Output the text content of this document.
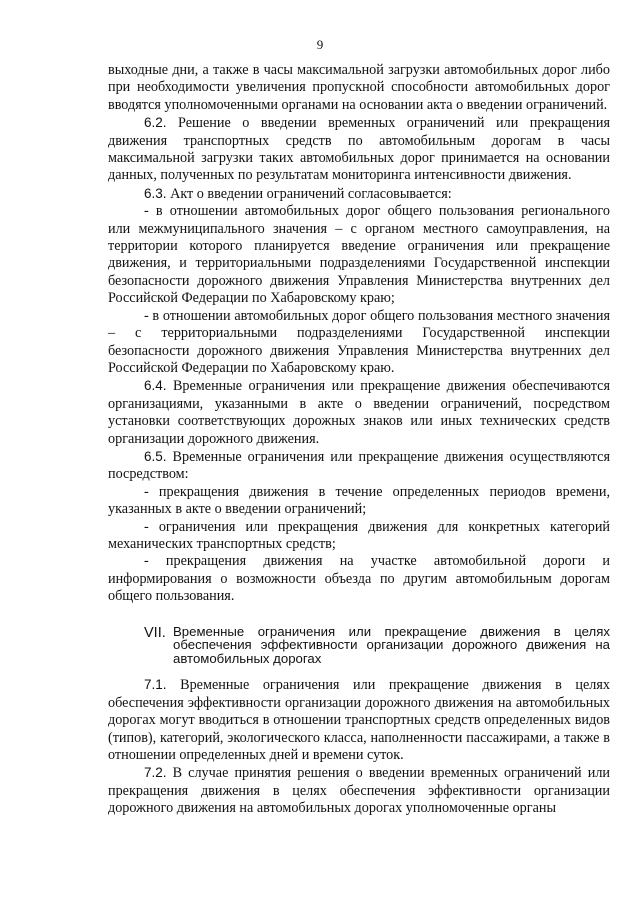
9

выходные дни, а также в часы максимальной загрузки автомобильных дорог либо при необходимости увеличения пропускной способности автомобильных дорог вводятся уполномоченными органами на основании акта о введении ограничений.

6.2. Решение о введении временных ограничений или прекращения движения транспортных средств по автомобильным дорогам в часы максимальной загрузки таких автомобильных дорог принимается на основании данных, полученных по результатам мониторинга интенсивности движения.

6.3. Акт о введении ограничений согласовывается:

- в отношении автомобильных дорог общего пользования регионального или межмуниципального значения – с органом местного самоуправления, на территории которого планируется введение ограничения или прекращение движения, и территориальными подразделениями Государственной инспекции безопасности дорожного движения Управления Министерства внутренних дел Российской Федерации по Хабаровскому краю;

- в отношении автомобильных дорог общего пользования местного значения – с территориальными подразделениями Государственной инспекции безопасности дорожного движения Управления Министерства внутренних дел Российской Федерации по Хабаровскому краю.

6.4. Временные ограничения или прекращение движения обеспечиваются организациями, указанными в акте о введении ограничений, посредством установки соответствующих дорожных знаков или иных технических средств организации дорожного движения.

6.5. Временные ограничения или прекращение движения осуществляются посредством:

- прекращения движения в течение определенных периодов времени, указанных в акте о введении ограничений;

- ограничения или прекращения движения для конкретных категорий механических транспортных средств;

- прекращения движения на участке автомобильной дороги и информирования о возможности объезда по другим автомобильным дорогам общего пользования.

VII. Временные ограничения или прекращение движения в целях обеспечения эффективности организации дорожного движения на автомобильных дорогах

7.1. Временные ограничения или прекращение движения в целях обеспечения эффективности организации дорожного движения на автомобильных дорогах могут вводиться в отношении транспортных средств определенных видов (типов), категорий, экологического класса, наполненности пассажирами, а также в отношении определенных дней и времени суток.

7.2. В случае принятия решения о введении временных ограничений или прекращения движения в целях обеспечения эффективности организации дорожного движения на автомобильных дорогах уполномоченные органы
